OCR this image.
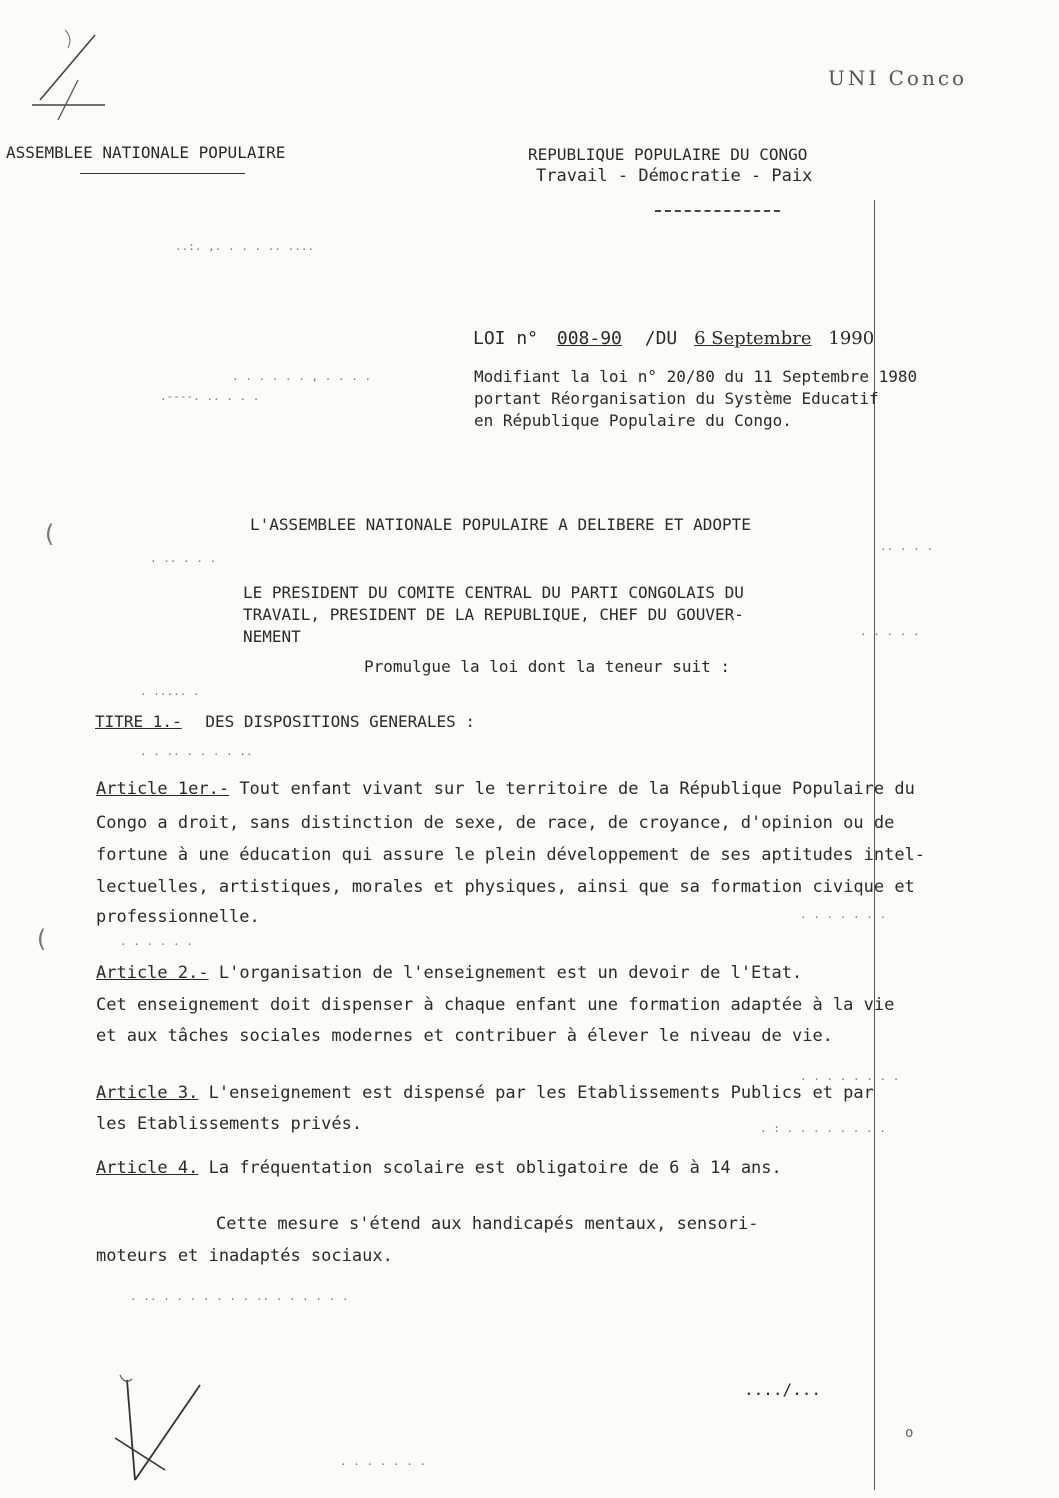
UNI Conco
ASSEMBLEE NATIONALE POPULAIRE	REPUBLIQUE POPULAIRE DU CONGO
Travail - Démocratie - Paix
..:. ,. . . . .. ....
. . . . . . , . . . .
.----. .. . . .
. .. . . .
. ..... .
. . .. . . . . ..
. . . . . .
. .. . . . . . . . .. . . . . . .
.. . . .
. . . . .
. . . . . . .
. . . . . . . .
. : . . . . . . . .
. . . . . . .
(
(
LOI n° 008-90 /DU 6 Septembre 1990
Modifiant la loi n° 20/80 du 11 Septembre 1980
portant Réorganisation du Système Educatif
en République Populaire du Congo.
L'ASSEMBLEE NATIONALE POPULAIRE A DELIBERE ET ADOPTE
LE PRESIDENT DU COMITE CENTRAL DU PARTI CONGOLAIS DU
TRAVAIL, PRESIDENT DE LA REPUBLIQUE, CHEF DU GOUVER-
NEMENT
Promulgue la loi dont la teneur suit :
TITRE 1.- DES DISPOSITIONS GENERALES :
Article 1er.- Tout enfant vivant sur le territoire de la République Populaire du
Congo a droit, sans distinction de sexe, de race, de croyance, d'opinion ou de
fortune à une éducation qui assure le plein développement de ses aptitudes intel-
lectuelles, artistiques, morales et physiques, ainsi que sa formation civique et
professionnelle.
Article 2.- L'organisation de l'enseignement est un devoir de l'Etat.
Cet enseignement doit dispenser à chaque enfant une formation adaptée à la vie
et aux tâches sociales modernes et contribuer à élever le niveau de vie.
Article 3. L'enseignement est dispensé par les Etablissements Publics et par
les Etablissements privés.
Article 4. La fréquentation scolaire est obligatoire de 6 à 14 ans.
Cette mesure s'étend aux handicapés mentaux, sensori-
moteurs et inadaptés sociaux.
..../...
o
